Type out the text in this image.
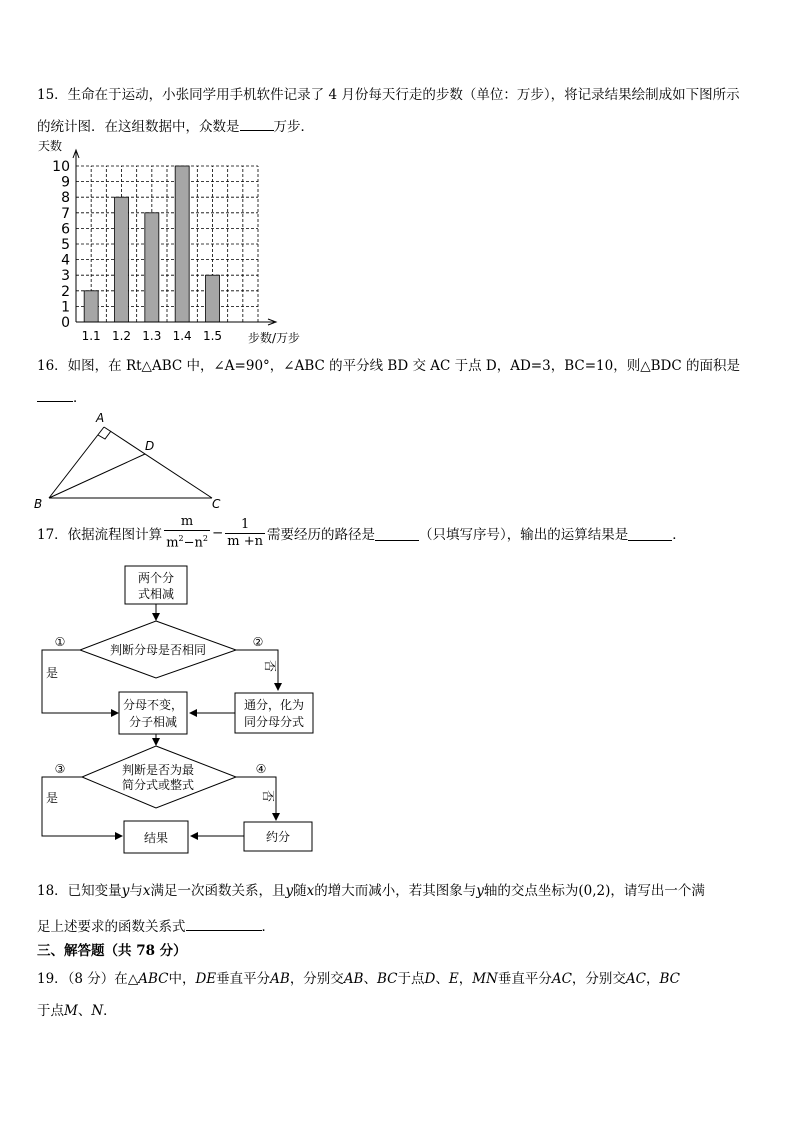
15．生命在于运动，小张同学用手机软件记录了 4 月份每天行走的步数（单位：万步），将记录结果绘制成如下图所示
的统计图．在这组数据中，众数是	万步．
天数
步数/万步
0
1
2
3
4
5
6
7
8
9
10
1.1 1.2 1.3 1.4 1.5
16．如图，在 Rt△ABC 中，∠A=90°，∠ABC 的平分线 BD 交 AC 于点 D，AD=3，BC=10，则△BDC 的面积是
．
A
B	C
D
17．依据流程图计算 $\frac{m}{m^2-n^2} - \frac{1}{m +n}$ 需要经历的路径是	（只填写序号），输出的运算结果是	．
两个分
式相减
判断分母是否相同
①	②
是	否
分母不变，
分子相减
通分，化为
同分母分式
判断是否为最
简分式或整式
③	④
是	否
结果	约分
18．已知变量y与x满足一次函数关系，且y随x的增大而减小，若其图象与y轴的交点坐标为(0,2)，请写出一个满
足上述要求的函数关系式	．
三、解答题（共 78 分）
19．（8 分）在△ABC中，DE垂直平分AB，分别交AB、BC于点D、E，MN垂直平分AC，分别交AC，BC
于点M、N．
